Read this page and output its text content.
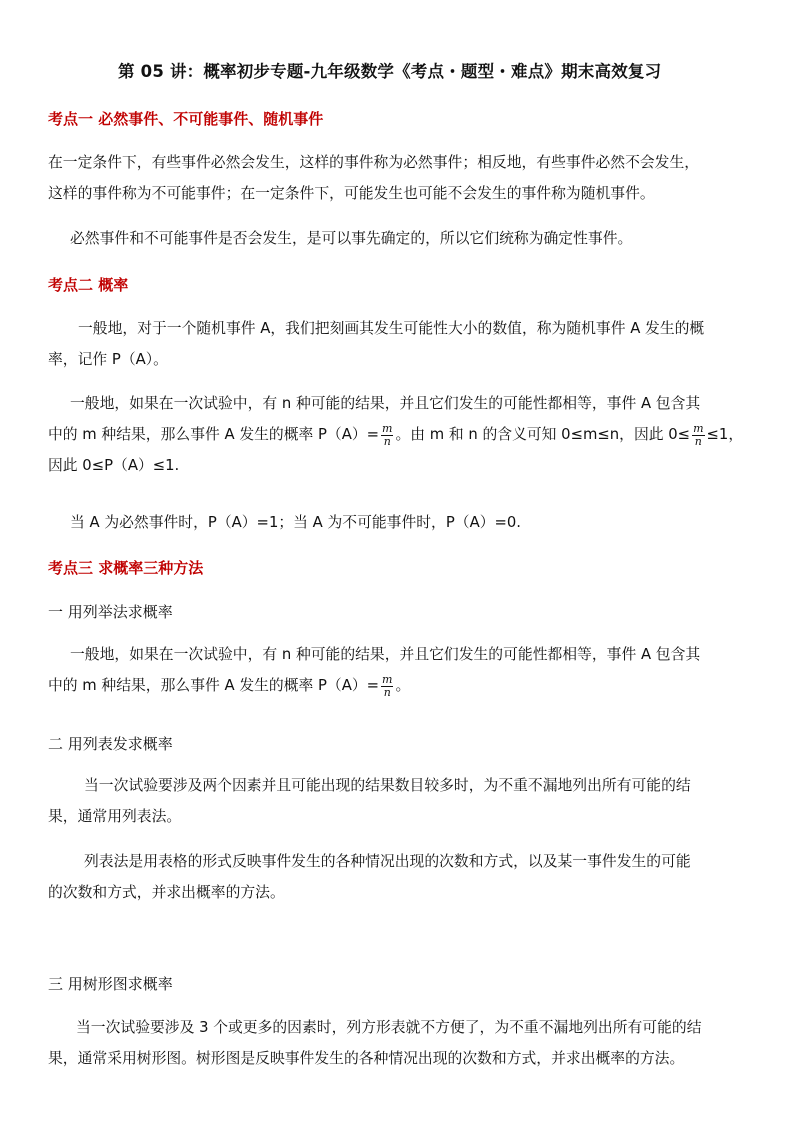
第 05 讲：概率初步专题-九年级数学《考点・题型・难点》期末高效复习
考点一 必然事件、不可能事件、随机事件
在一定条件下，有些事件必然会发生，这样的事件称为必然事件；相反地，有些事件必然不会发生，
这样的事件称为不可能事件；在一定条件下，可能发生也可能不会发生的事件称为随机事件。
必然事件和不可能事件是否会发生，是可以事先确定的，所以它们统称为确定性事件。
考点二 概率
一般地，对于一个随机事件 A，我们把刻画其发生可能性大小的数值，称为随机事件 A 发生的概
率，记作 P（A）。
一般地，如果在一次试验中，有 n 种可能的结果，并且它们发生的可能性都相等，事件 A 包含其
中的 m 种结果，那么事件 A 发生的概率 $P(A)= \frac{m}{n}$ 。由 m 和 n 的含义可知 0≤m≤n，因此 $0\le \frac{m}{n} \le 1$，
因此 0≤P（A）≤1.
当 A 为必然事件时，P（A）=1；当 A 为不可能事件时，P（A）=0.
考点三 求概率三种方法
一 用列举法求概率
一般地，如果在一次试验中，有 n 种可能的结果，并且它们发生的可能性都相等，事件 A 包含其
中的 m 种结果，那么事件 A 发生的概率 $P(A)= \frac{m}{n}$ 。
二 用列表发求概率
当一次试验要涉及两个因素并且可能出现的结果数目较多时，为不重不漏地列出所有可能的结
果，通常用列表法。
列表法是用表格的形式反映事件发生的各种情况出现的次数和方式，以及某一事件发生的可能
的次数和方式，并求出概率的方法。
三 用树形图求概率
当一次试验要涉及 3 个或更多的因素时，列方形表就不方便了，为不重不漏地列出所有可能的结
果，通常采用树形图。树形图是反映事件发生的各种情况出现的次数和方式，并求出概率的方法。
